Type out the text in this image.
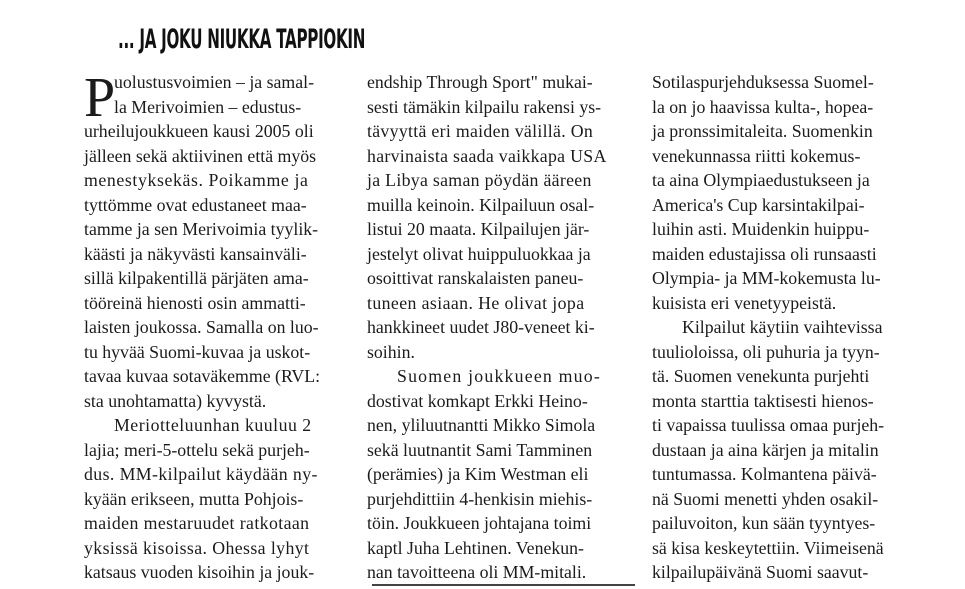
... JA JOKU NIUKKA TAPPIOKIN
P
uolustusvoimien – ja samal-
la Merivoimien – edustus-
urheilujoukkueen kausi 2005 oli
jälleen sekä aktiivinen että myös
menestyksekäs. Poikamme ja
tyttömme ovat edustaneet maa-
tamme ja sen Merivoimia tyylik-
käästi ja näkyvästi kansainväli-
sillä kilpakentillä pärjäten ama-
tööreinä hienosti osin ammatti-
laisten joukossa. Samalla on luo-
tu hyvää Suomi-kuvaa ja uskot-
tavaa kuvaa sotaväkemme (RVL:
sta unohtamatta) kyvystä.
Meriotteluunhan kuuluu 2
lajia; meri-5-ottelu sekä purjeh-
dus. MM-kilpailut käydään ny-
kyään erikseen, mutta Pohjois-
maiden mestaruudet ratkotaan
yksissä kisoissa. Ohessa lyhyt
katsaus vuoden kisoihin ja jouk-
endship Through Sport" mukai-
sesti tämäkin kilpailu rakensi ys-
tävyyttä eri maiden välillä. On
harvinaista saada vaikkapa USA
ja Libya saman pöydän ääreen
muilla keinoin. Kilpailuun osal-
listui 20 maata. Kilpailujen jär-
jestelyt olivat huippuluokkaa ja
osoittivat ranskalaisten paneu-
tuneen asiaan. He olivat jopa
hankkineet uudet J80-veneet ki-
soihin.
Suomen joukkueen muo-
dostivat komkapt Erkki Heino-
nen, yliluutnantti Mikko Simola
sekä luutnantit Sami Tamminen
(perämies) ja Kim Westman eli
purjehdittiin 4-henkisin miehis-
töin. Joukkueen johtajana toimi
kaptl Juha Lehtinen. Venekun-
nan tavoitteena oli MM-mitali.
Sotilaspurjehduksessa Suomel-
la on jo haavissa kulta-, hopea-
ja pronssimitaleita. Suomenkin
venekunnassa riitti kokemus-
ta aina Olympiaedustukseen ja
America's Cup karsintakilpai-
luihin asti. Muidenkin huippu-
maiden edustajissa oli runsaasti
Olympia- ja MM-kokemusta lu-
kuisista eri venetyypeistä.
Kilpailut käytiin vaihtevissa
tuulioloissa, oli puhuria ja tyyn-
tä. Suomen venekunta purjehti
monta starttia taktisesti hienos-
ti vapaissa tuulissa omaa purjeh-
dustaan ja aina kärjen ja mitalin
tuntumassa. Kolmantena päivä-
nä Suomi menetti yhden osakil-
pailuvoiton, kun sään tyyntyes-
sä kisa keskeytettiin. Viimeisenä
kilpailupäivänä Suomi saavut-
